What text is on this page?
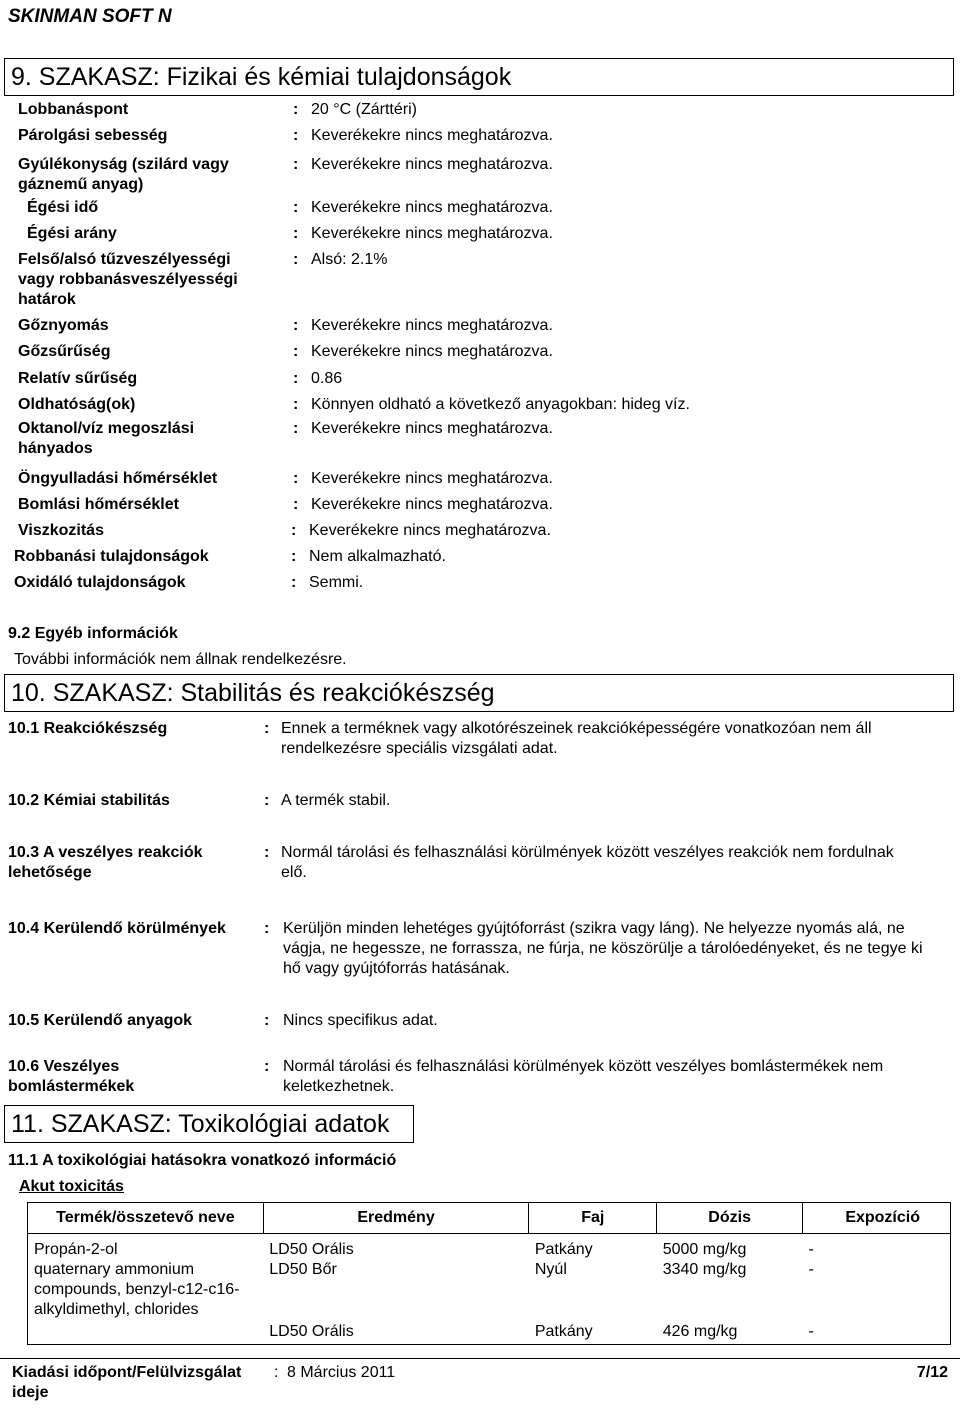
SKINMAN SOFT N
9. SZAKASZ: Fizikai és kémiai tulajdonságok
Lobbanáspont	: 20 °C (Zárttéri)
Párolgási sebesség	: Keverékekre nincs meghatározva.
Gyúlékonyság (szilárd vagy gáznemű anyag)
: Keverékekre nincs meghatározva.
Égési idő	: Keverékekre nincs meghatározva.
Égési arány	: Keverékekre nincs meghatározva.
Felső/alsó tűzveszélyességi vagy robbanásveszélyességi határok
: Alsó: 2.1%
Gőznyomás	: Keverékekre nincs meghatározva.
Gőzsűrűség	: Keverékekre nincs meghatározva.
Relatív sűrűség	: 0.86
Oldhatóság(ok)	: Könnyen oldható a következő anyagokban: hideg víz.
Oktanol/víz megoszlási hányados
: Keverékekre nincs meghatározva.
Öngyulladási hőmérséklet	: Keverékekre nincs meghatározva.
Bomlási hőmérséklet	: Keverékekre nincs meghatározva.
Viszkozitás	: Keverékekre nincs meghatározva.
Robbanási tulajdonságok	: Nem alkalmazható.
Oxidáló tulajdonságok	: Semmi.
9.2 Egyéb információk
További információk nem állnak rendelkezésre.
10. SZAKASZ: Stabilitás és reakciókészség
10.1 Reakciókészség	: Ennek a terméknek vagy alkotórészeinek reakcióképességére vonatkozóan nem áll rendelkezésre speciális vizsgálati adat.
10.2 Kémiai stabilitás	: A termék stabil.
10.3 A veszélyes reakciók lehetősége
: Normál tárolási és felhasználási körülmények között veszélyes reakciók nem fordulnak elő.
10.4 Kerülendő körülmények	: Kerüljön minden lehetéges gyújtóforrást (szikra vagy láng). Ne helyezze nyomás alá, ne vágja, ne hegessze, ne forrassza, ne fúrja, ne köszörülje a tárolóedényeket, és ne tegye ki hő vagy gyújtóforrás hatásának.
10.5 Kerülendő anyagok	: Nincs specifikus adat.
10.6 Veszélyes bomlástermékek
: Normál tárolási és felhasználási körülmények között veszélyes bomlástermékek nem keletkezhetnek.
11. SZAKASZ: Toxikológiai adatok
11.1 A toxikológiai hatásokra vonatkozó információ
Akut toxicitás
Termék/összetevő neve	Eredmény	Faj	Dózis	Expozíció
Propán-2-ol	LD50 Orális	Patkány	5000 mg/kg	-
quaternary ammonium compounds, benzyl-c12-c16-alkyldimethyl, chlorides	LD50 Bőr	Nyúl	3340 mg/kg	-
	LD50 Orális	Patkány	426 mg/kg	-
Kiadási időpont/Felülvizsgálat ideje
: 8 Március 2011	7/12
